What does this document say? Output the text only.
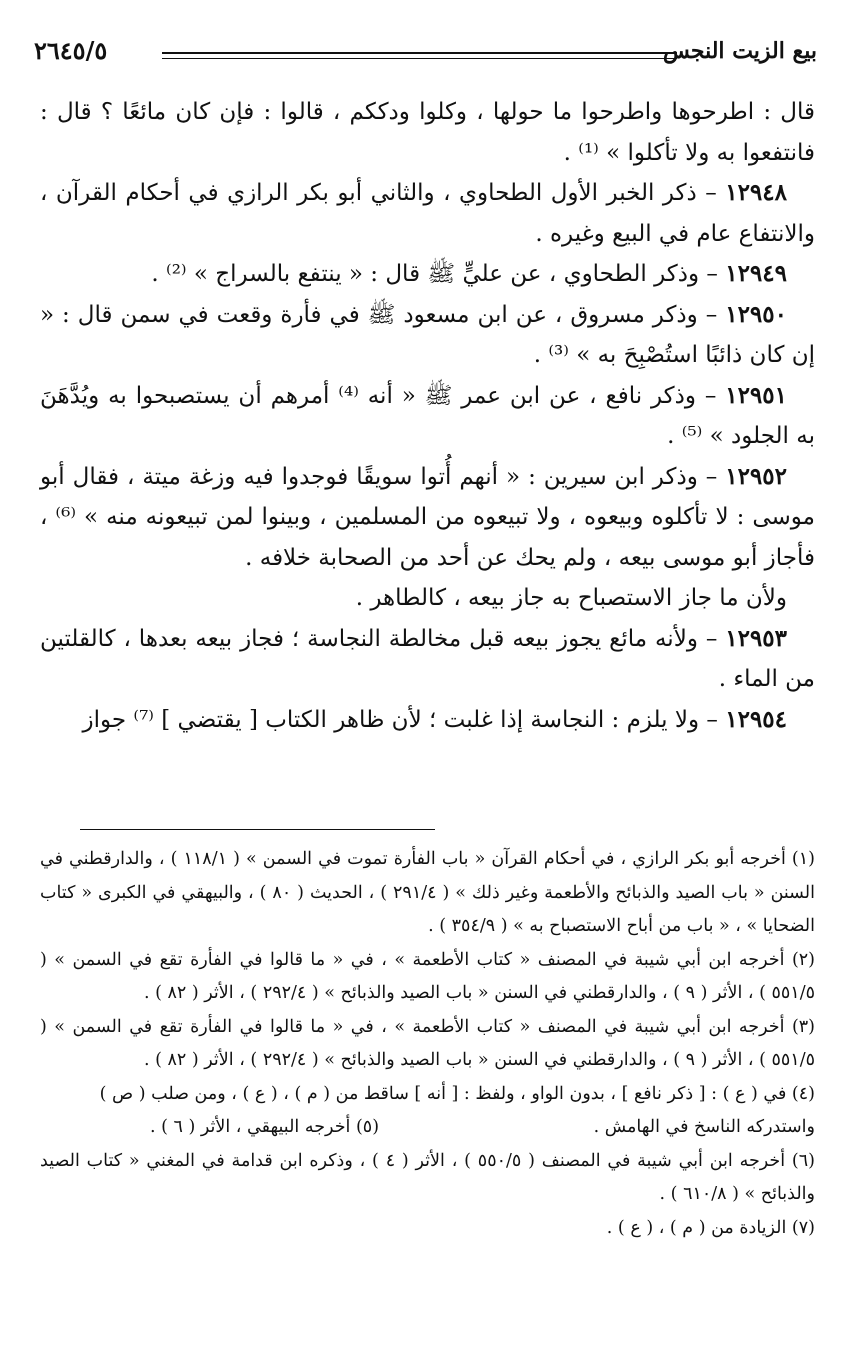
بيع الزيت النجس
٢٦٤٥/٥

قال : اطرحوها واطرحوا ما حولها ، وكلوا ودككم ، قالوا : فإن كان مائعًا ؟ قال : فانتفعوا به ولا تأكلوا » ⁽¹⁾ .

١٢٩٤٨ – ذكر الخبر الأول الطحاوي ، والثاني أبو بكر الرازي في أحكام القرآن ، والانتفاع عام في البيع وغيره .

١٢٩٤٩ – وذكر الطحاوي ، عن عليٍّ ﷺ قال : « ينتفع بالسراج » ⁽²⁾ .

١٢٩٥٠ – وذكر مسروق ، عن ابن مسعود ﷺ في فأرة وقعت في سمن قال : « إن كان ذائبًا استُصْبِحَ به » ⁽³⁾ .

١٢٩٥١ – وذكر نافع ، عن ابن عمر ﷺ « أنه ⁽⁴⁾ أمرهم أن يستصبحوا به ويُدَّهَنَ به الجلود » ⁽⁵⁾ .

١٢٩٥٢ – وذكر ابن سيرين : « أنهم أُتوا سويقًا فوجدوا فيه وزغة ميتة ، فقال أبو موسى : لا تأكلوه وبيعوه ، ولا تبيعوه من المسلمين ، وبينوا لمن تبيعونه منه » ⁽⁶⁾ ، فأجاز أبو موسى بيعه ، ولم يحك عن أحد من الصحابة خلافه .

ولأن ما جاز الاستصباح به جاز بيعه ، كالطاهر .

١٢٩٥٣ – ولأنه مائع يجوز بيعه قبل مخالطة النجاسة ؛ فجاز بيعه بعدها ، كالقلتين من الماء .

١٢٩٥٤ – ولا يلزم : النجاسة إذا غلبت ؛ لأن ظاهر الكتاب [ يقتضي ] ⁽⁷⁾ جواز

(١) أخرجه أبو بكر الرازي ، في أحكام القرآن « باب الفأرة تموت في السمن » ( ١١٨/١ ) ، والدارقطني في السنن « باب الصيد والذبائح والأطعمة وغير ذلك » ( ٢٩١/٤ ) ، الحديث ( ٨٠ ) ، والبيهقي في الكبرى « كتاب الضحايا » ، « باب من أباح الاستصباح به » ( ٣٥٤/٩ ) .

(٢) أخرجه ابن أبي شيبة في المصنف « كتاب الأطعمة » ، في « ما قالوا في الفأرة تقع في السمن » ( ٥٥١/٥ ) ، الأثر ( ٩ ) ، والدارقطني في السنن « باب الصيد والذبائح » ( ٢٩٢/٤ ) ، الأثر ( ٨٢ ) .

(٣) أخرجه ابن أبي شيبة في المصنف « كتاب الأطعمة » ، في « ما قالوا في الفأرة تقع في السمن » ( ٥٥١/٥ ) ، الأثر ( ٩ ) ، والدارقطني في السنن « باب الصيد والذبائح » ( ٢٩٢/٤ ) ، الأثر ( ٨٢ ) .

(٤) في ( ع ) : [ ذكر نافع ] ، بدون الواو ، ولفظ : [ أنه ] ساقط من ( م ) ، ( ع ) ، ومن صلب ( ص )

واستدركه الناسخ في الهامش .
(٥) أخرجه البيهقي ، الأثر ( ٦ ) .

(٦) أخرجه ابن أبي شيبة في المصنف ( ٥٥٠/٥ ) ، الأثر ( ٤ ) ، وذكره ابن قدامة في المغني « كتاب الصيد والذبائح » ( ٦١٠/٨ ) .

(٧) الزيادة من ( م ) ، ( ع ) .
